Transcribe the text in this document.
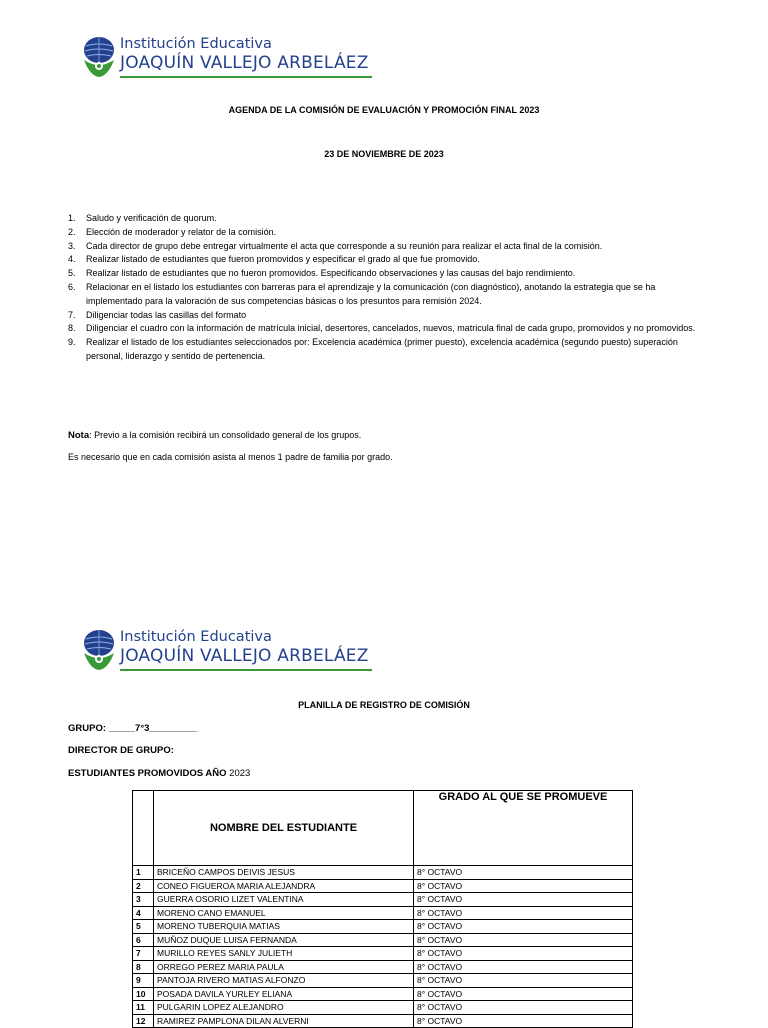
Institución Educativa
JOAQUÍN VALLEJO ARBELÁEZ
AGENDA DE LA COMISIÓN DE EVALUACIÓN Y PROMOCIÓN FINAL 2023
23 DE NOVIEMBRE DE 2023
1. Saludo y verificación de quorum.
2. Elección de moderador y relator de la comisión.
3. Cada director de grupo debe entregar virtualmente el acta que corresponde a su reunión para realizar el acta final de la comisión.
4. Realizar listado de estudiantes que fueron promovidos y especificar el grado al que fue promovido.
5. Realizar listado de estudiantes que no fueron promovidos. Especificando observaciones y las causas del bajo rendimiento.
6. Relacionar en el listado los estudiantes con barreras para el aprendizaje y la comunicación (con diagnóstico), anotando la estrategia que se ha implementado para la valoración de sus competencias básicas o los presuntos para remisión 2024.
7. Diligenciar todas las casillas del formato
8. Diligenciar el cuadro con la información de matrícula inicial, desertores, cancelados, nuevos, matricula final de cada grupo, promovidos y no promovidos.
9. Realizar el listado de los estudiantes seleccionados por: Excelencia académica (primer puesto), excelencia académica (segundo puesto) superación personal, liderazgo y sentido de pertenencia.
Nota: Previo a la comisión recibirá un consolidado general de los grupos.
Es necesario que en cada comisión asista al menos 1 padre de familia por grado.
Institución Educativa
JOAQUÍN VALLEJO ARBELÁEZ
PLANILLA DE REGISTRO DE COMISIÓN
GRUPO: _____7°3_________
DIRECTOR DE GRUPO:
ESTUDIANTES PROMOVIDOS AÑO 2023
	NOMBRE DEL ESTUDIANTE	GRADO AL QUE SE PROMUEVE
1	BRICEÑO CAMPOS DEIVIS JESUS	8° OCTAVO
2	CONEO FIGUEROA MARIA ALEJANDRA	8° OCTAVO
3	GUERRA OSORIO LIZET VALENTINA	8° OCTAVO
4	MORENO CANO EMANUEL	8° OCTAVO
5	MORENO TUBERQUIA MATIAS	8° OCTAVO
6	MUÑOZ DUQUE LUISA FERNANDA	8° OCTAVO
7	MURILLO REYES SANLY JULIETH	8° OCTAVO
8	ORREGO PEREZ MARIA PAULA	8° OCTAVO
9	PANTOJA RIVERO MATIAS ALFONZO	8° OCTAVO
10	POSADA DAVILA YURLEY ELIANA	8° OCTAVO
11	PULGARIN LOPEZ ALEJANDRO	8° OCTAVO
12	RAMIREZ PAMPLONA DILAN ALVERNI	8° OCTAVO
